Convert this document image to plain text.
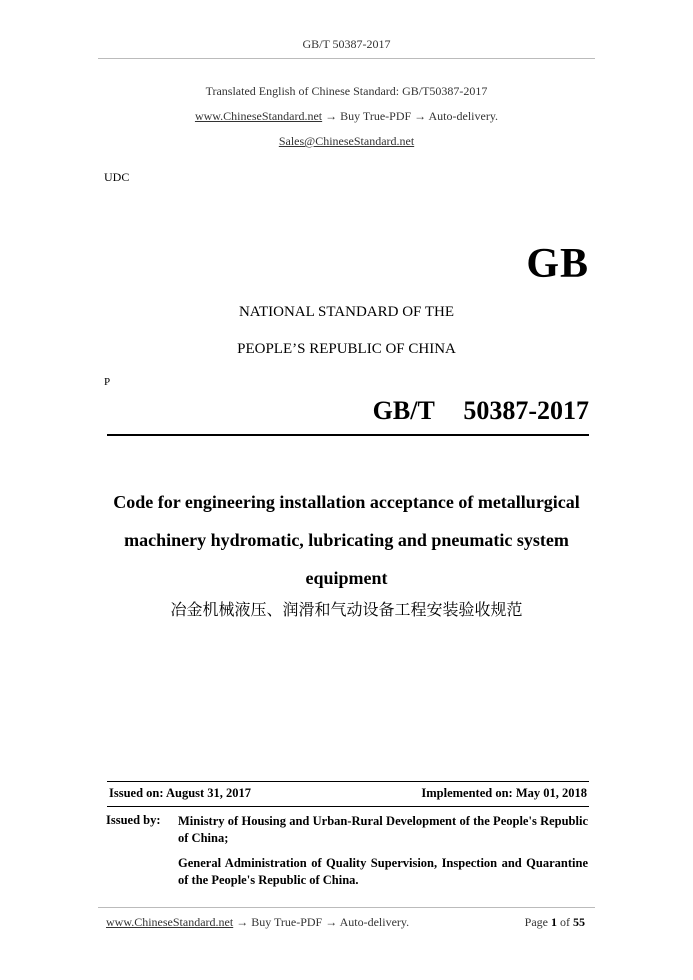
GB/T 50387-2017
Translated English of Chinese Standard: GB/T50387-2017
www.ChineseStandard.net → Buy True-PDF → Auto-delivery.
Sales@ChineseStandard.net
UDC
GB
NATIONAL STANDARD OF THE
PEOPLE’S REPUBLIC OF CHINA
P
GB/T  50387-2017
Code for engineering installation acceptance of metallurgical
machinery hydromatic, lubricating and pneumatic system
equipment
冶金机械液压、润滑和气动设备工程安装验收规范
Issued on: August 31, 2017	Implemented on: May 01, 2018
Issued by: Ministry of Housing and Urban-Rural Development of the People's Republic of China;
General Administration of Quality Supervision, Inspection and Quarantine of the People's Republic of China.
www.ChineseStandard.net → Buy True-PDF → Auto-delivery.	Page 1 of 55
